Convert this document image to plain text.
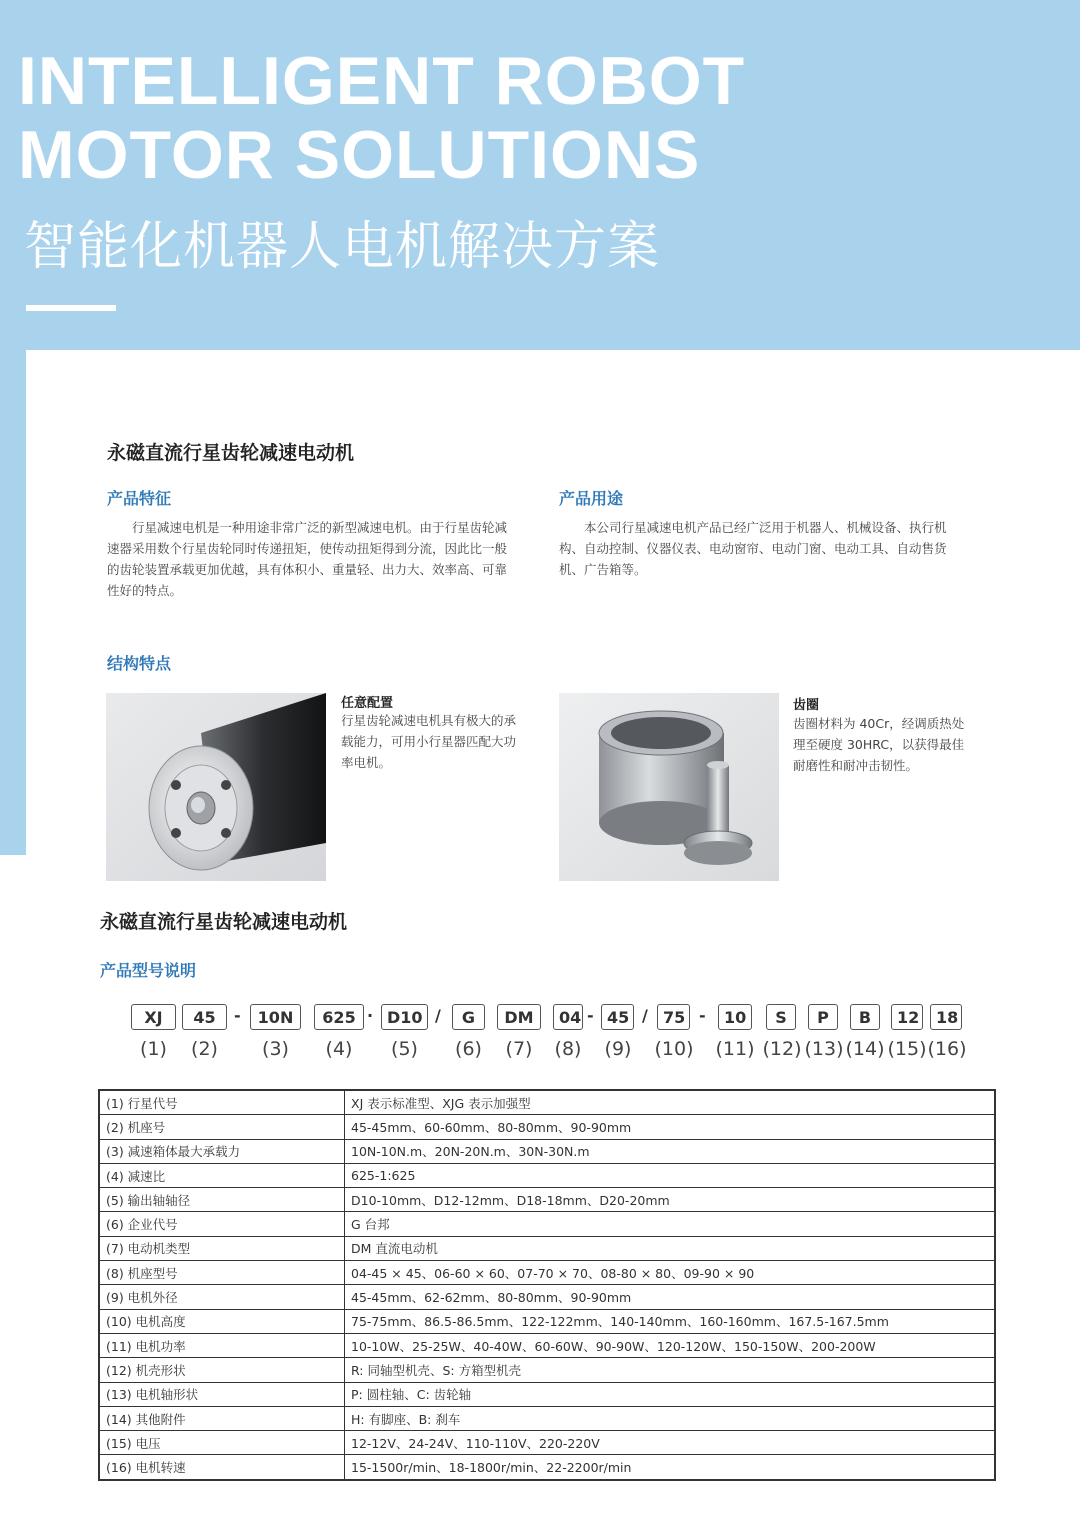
INTELLIGENT ROBOT
MOTOR SOLUTIONS
智能化机器人电机解决方案
永磁直流行星齿轮减速电动机
产品特征

行星减速电机是一种用途非常广泛的新型减速电机。由于行星齿轮减速器采用数个行星齿轮同时传递扭矩，使传动扭矩得到分流，因此比一般的齿轮装置承载更加优越，具有体积小、重量轻、出力大、效率高、可靠性好的特点。

产品用途

本公司行星减速电机产品已经广泛用于机器人、机械设备、执行机构、自动控制、仪器仪表、电动窗帘、电动门窗、电动工具、自动售货机、广告箱等。

结构特点
任意配置
行星齿轮减速电机具有极大的承载能力，可用小行星器匹配大功率电机。
齿圈
齿圈材料为 40Cr，经调质热处理至硬度 30HRC，以获得最佳耐磨性和耐冲击韧性。
永磁直流行星齿轮减速电动机
产品型号说明
XJ	45	-	10N	625 · D10 /	G	DM	04 - 45 / 75 -	10	S	P	B	12	18
(1)	(2)	(3)	(4)	(5)	(6)	(7)	(8) (9) (10) (11) (12) (13) (14) (15) (16)
(1) 行星代号	XJ 表示标准型、XJG 表示加强型
(2) 机座号	45-45mm、60-60mm、80-80mm、90-90mm
(3) 减速箱体最大承载力	10N-10N.m、20N-20N.m、30N-30N.m
(4) 减速比	625-1:625
(5) 输出轴轴径	D10-10mm、D12-12mm、D18-18mm、D20-20mm
(6) 企业代号	G 台邦
(7) 电动机类型	DM 直流电动机
(8) 机座型号	04-45 × 45、06-60 × 60、07-70 × 70、08-80 × 80、09-90 × 90
(9) 电机外径	45-45mm、62-62mm、80-80mm、90-90mm
(10) 电机高度	75-75mm、86.5-86.5mm、122-122mm、140-140mm、160-160mm、167.5-167.5mm
(11) 电机功率	10-10W、25-25W、40-40W、60-60W、90-90W、120-120W、150-150W、200-200W
(12) 机壳形状	R: 同轴型机壳、S: 方箱型机壳
(13) 电机轴形状	P: 圆柱轴、C: 齿轮轴
(14) 其他附件	H: 有脚座、B: 刹车
(15) 电压	12-12V、24-24V、110-110V、220-220V
(16) 电机转速	15-1500r/min、18-1800r/min、22-2200r/min
